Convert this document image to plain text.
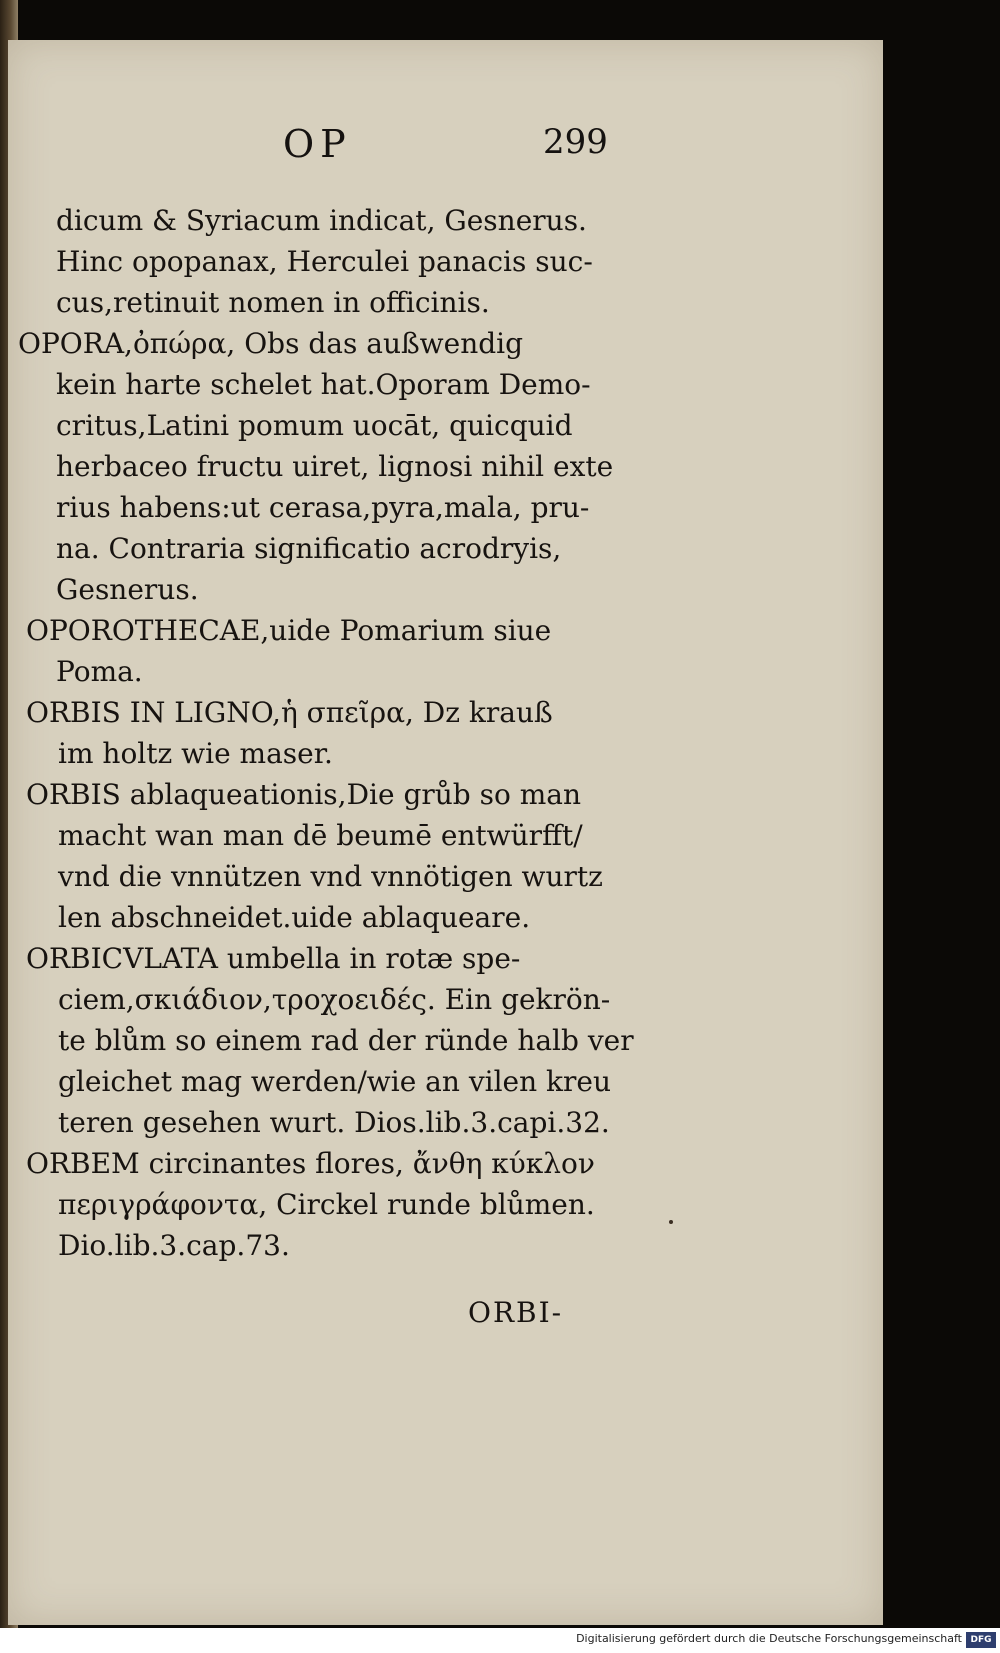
OP	299
dicum & Syriacum indicat, Gesnerus.
Hinc opopanax, Herculei panacis suc-
cus,retinuit nomen in officinis.
OPORA,ὀπώρα, Obs das außwendig
kein harte schelet hat.Oporam Demo-
critus,Latini pomum uocāt, quicquid
herbaceo fructu uiret, lignosi nihil exte
rius habens:ut cerasa,pyra,mala, pru-
na. Contraria significatio acrodryis,
Gesnerus.
OPOROTHECAE,uide Pomarium siue
Poma.
ORBIS IN LIGNO,ἡ σπεῖρα, Dz krauß
im holtz wie maser.
ORBIS ablaqueationis,Die grůb so man
macht wan man dē beumē entwürfft/
vnd die vnnützen vnd vnnötigen wurtz
len abschneidet.uide ablaqueare.
ORBICVLATA umbella in rotæ spe-
ciem,σκιάδιον,τροχοειδές. Ein gekrön-
te blům so einem rad der ründe halb ver
gleichet mag werden/wie an vilen kreu
teren gesehen wurt. Dios.lib.3.capi.32.
ORBEM circinantes flores, ἄνθη κύκλον
περιγράφοντα, Circkel runde blůmen.
Dio.lib.3.cap.73.
ORBI-
Digitalisierung gefördert durch die Deutsche Forschungsgemeinschaft DFG
